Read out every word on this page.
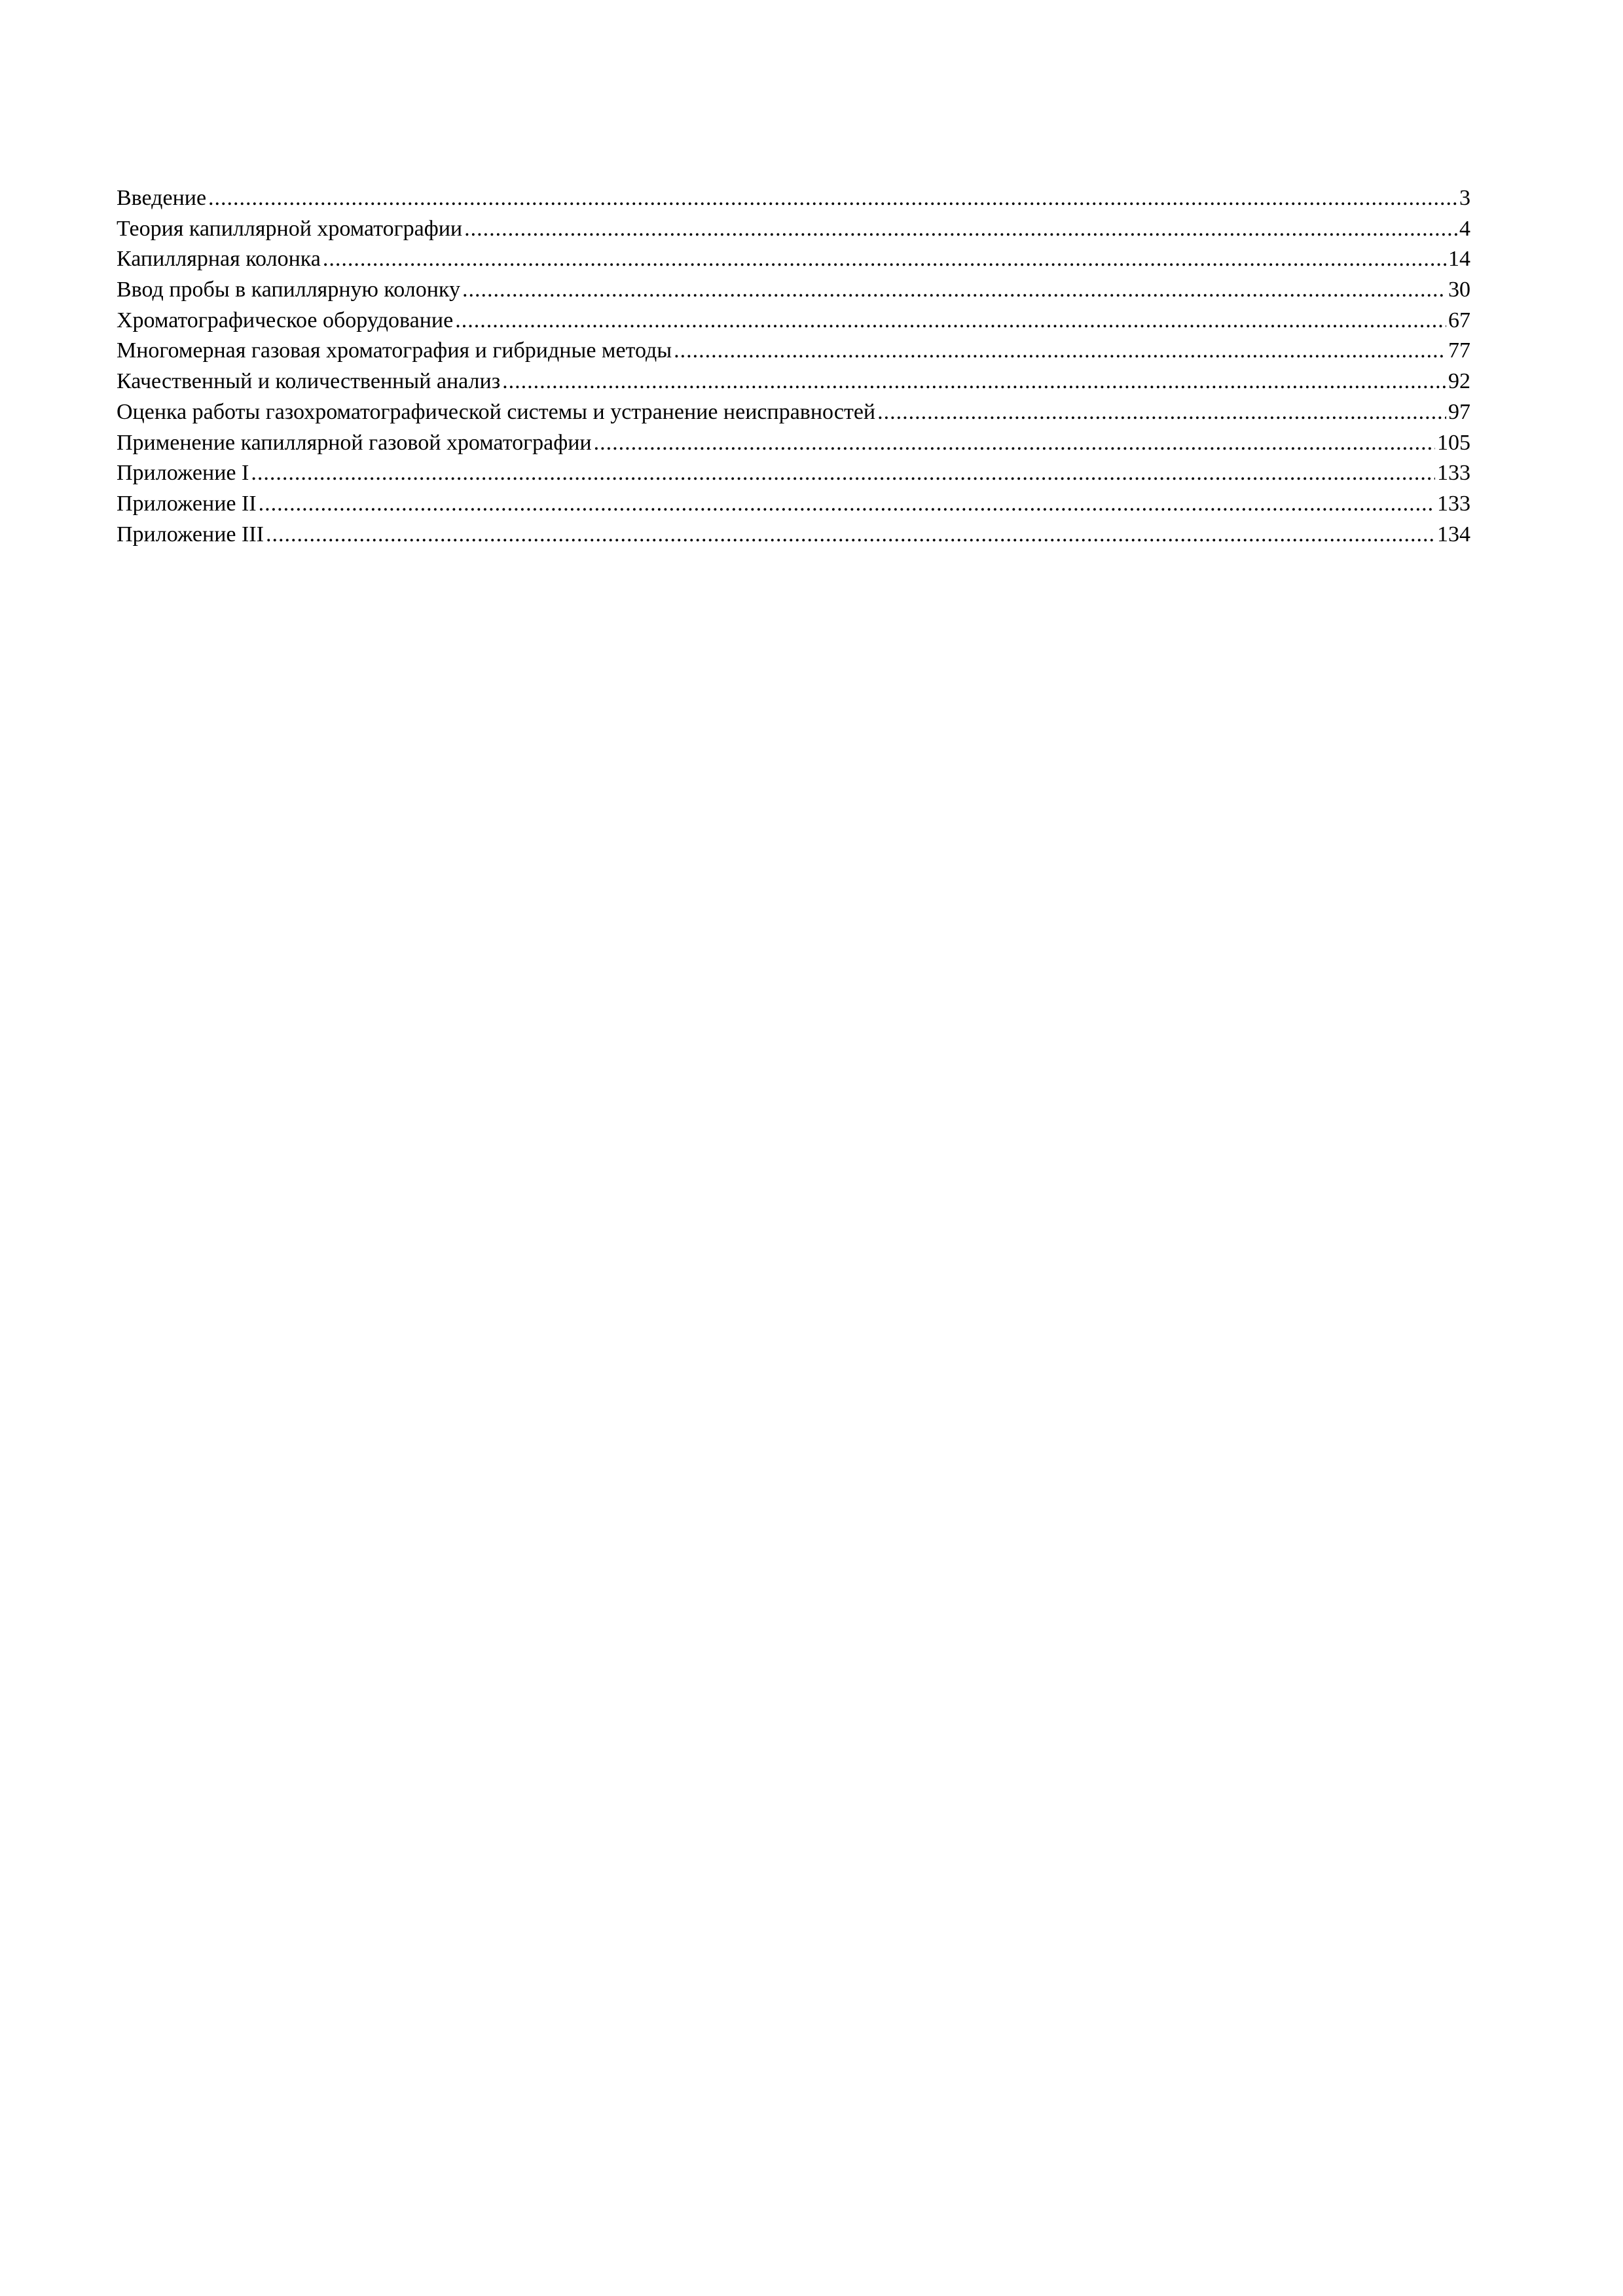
Введение .....	3
Теория капиллярной хроматографии .....	4
Капиллярная колонка .....	14
Ввод пробы в капиллярную колонку .....	30
Хроматографическое оборудование .....	67
Многомерная газовая хроматография и гибридные методы .....	77
Качественный и количественный анализ .....	92
Оценка работы газохроматографической системы и устранение неисправностей .....	97
Применение капиллярной газовой хроматографии .....	105
Приложение I .....	133
Приложение II .....	133
Приложение III .....	134
